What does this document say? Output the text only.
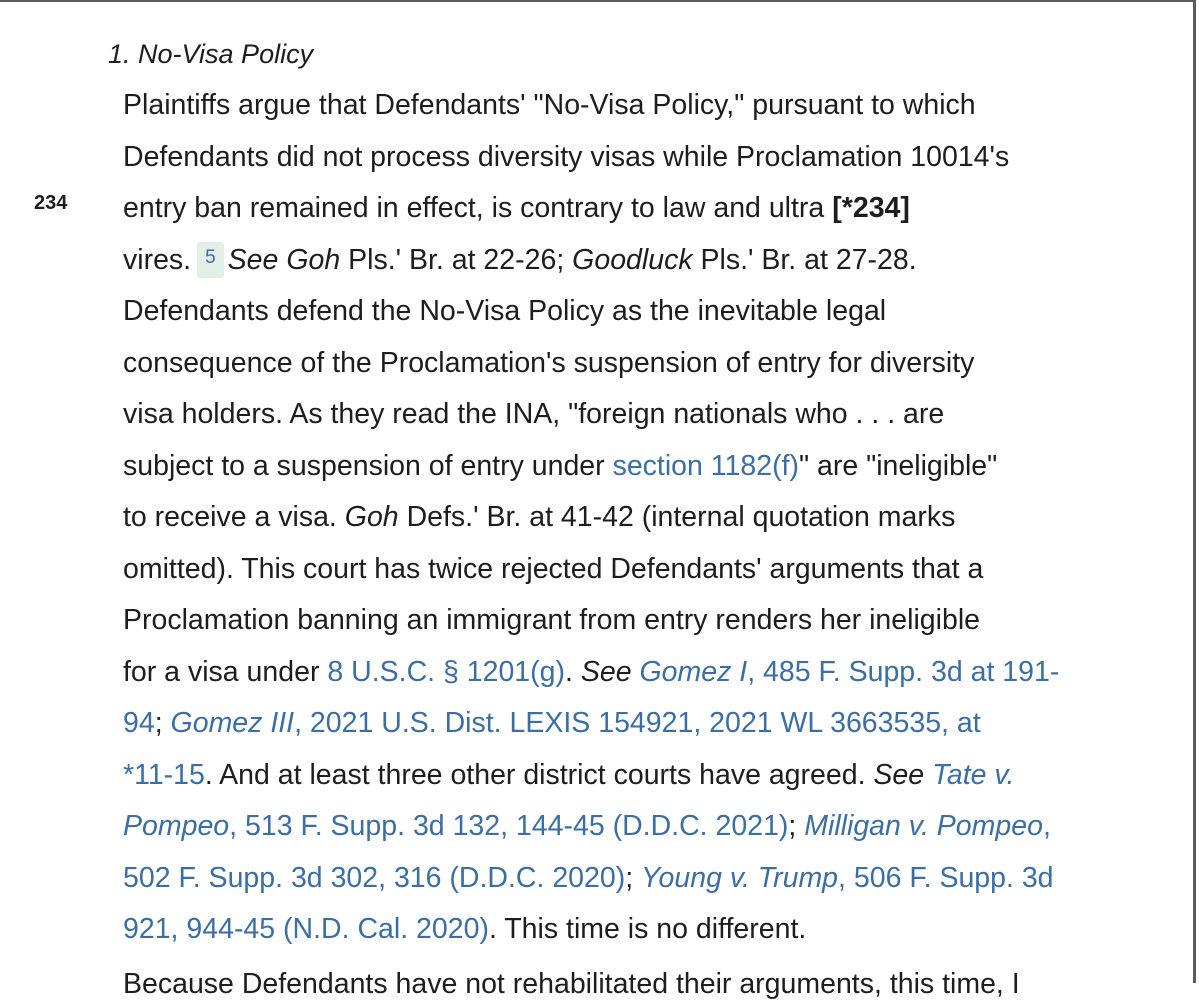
1. No-Visa Policy
234
Plaintiffs argue that Defendants' "No-Visa Policy," pursuant to which
Defendants did not process diversity visas while Proclamation 10014's
entry ban remained in effect, is contrary to law and ultra [*234]
vires. 5 See Goh Pls.' Br. at 22-26; Goodluck Pls.' Br. at 27-28.
Defendants defend the No-Visa Policy as the inevitable legal
consequence of the Proclamation's suspension of entry for diversity
visa holders. As they read the INA, "foreign nationals who . . . are
subject to a suspension of entry under section 1182(f)" are "ineligible"
to receive a visa. Goh Defs.' Br. at 41-42 (internal quotation marks
omitted). This court has twice rejected Defendants' arguments that a
Proclamation banning an immigrant from entry renders her ineligible
for a visa under 8 U.S.C. § 1201(g). See Gomez I, 485 F. Supp. 3d at 191-
94; Gomez III, 2021 U.S. Dist. LEXIS 154921, 2021 WL 3663535, at
*11-15. And at least three other district courts have agreed. See Tate v.
Pompeo, 513 F. Supp. 3d 132, 144-45 (D.D.C. 2021); Milligan v. Pompeo,
502 F. Supp. 3d 302, 316 (D.D.C. 2020); Young v. Trump, 506 F. Supp. 3d
921, 944-45 (N.D. Cal. 2020). This time is no different.
Because Defendants have not rehabilitated their arguments, this time, I
